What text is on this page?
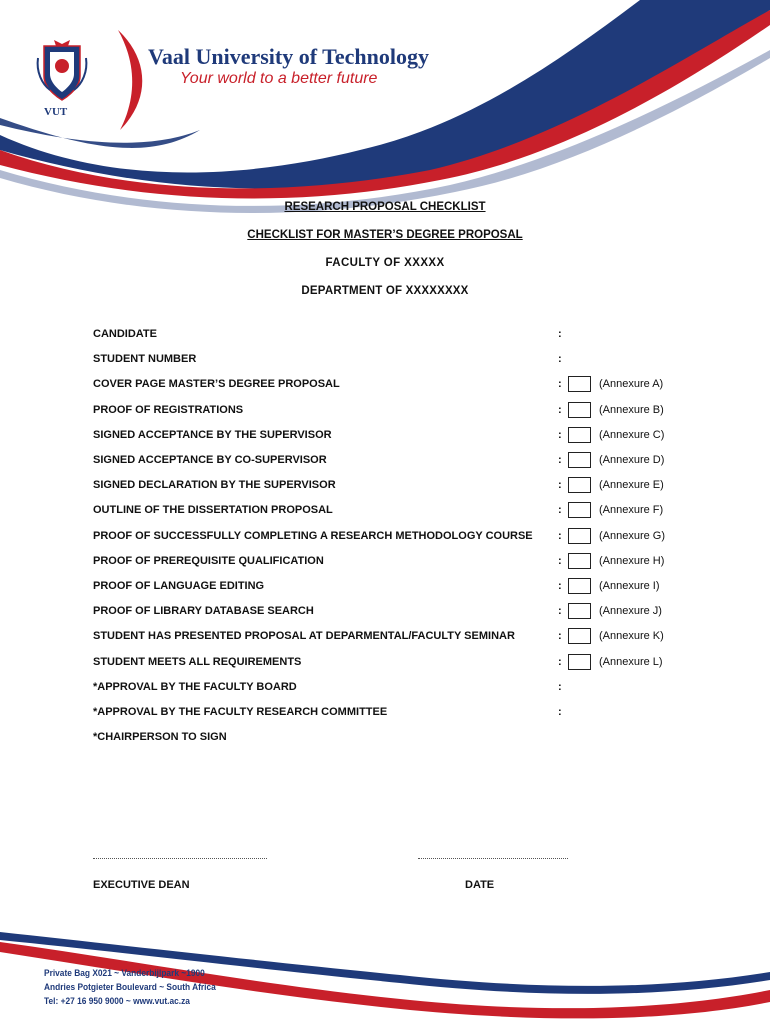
VUT
Vaal University of Technology
Your world to a better future
RESEARCH PROPOSAL CHECKLIST
CHECKLIST FOR MASTER’S DEGREE PROPOSAL
FACULTY OF XXXXX
DEPARTMENT OF XXXXXXXX
CANDIDATE	:
STUDENT NUMBER	:
COVER PAGE MASTER’S DEGREE PROPOSAL	:	(Annexure A)
PROOF OF REGISTRATIONS	:	(Annexure B)
SIGNED ACCEPTANCE BY THE SUPERVISOR	:	(Annexure C)
SIGNED ACCEPTANCE BY CO-SUPERVISOR	:	(Annexure D)
SIGNED DECLARATION BY THE SUPERVISOR	:	(Annexure E)
OUTLINE OF THE DISSERTATION PROPOSAL	:	(Annexure F)
PROOF OF SUCCESSFULLY COMPLETING A RESEARCH METHODOLOGY COURSE :	(Annexure G)
PROOF OF PREREQUISITE QUALIFICATION	:	(Annexure H)
PROOF OF LANGUAGE EDITING	:	(Annexure I)
PROOF OF LIBRARY DATABASE SEARCH	:	(Annexure J)
STUDENT HAS PRESENTED PROPOSAL AT DEPARMENTAL/FACULTY SEMINAR	:	(Annexure K)
STUDENT MEETS ALL REQUIREMENTS	:	(Annexure L)
*APPROVAL BY THE FACULTY BOARD	:
*APPROVAL BY THE FACULTY RESEARCH COMMITTEE	:
*CHAIRPERSON TO SIGN
EXECUTIVE DEAN	DATE
Private Bag X021 ~ Vanderbijlpark ~1900
Andries Potgieter Boulevard ~ South Africa
Tel: +27 16 950 9000 ~ www.vut.ac.za
